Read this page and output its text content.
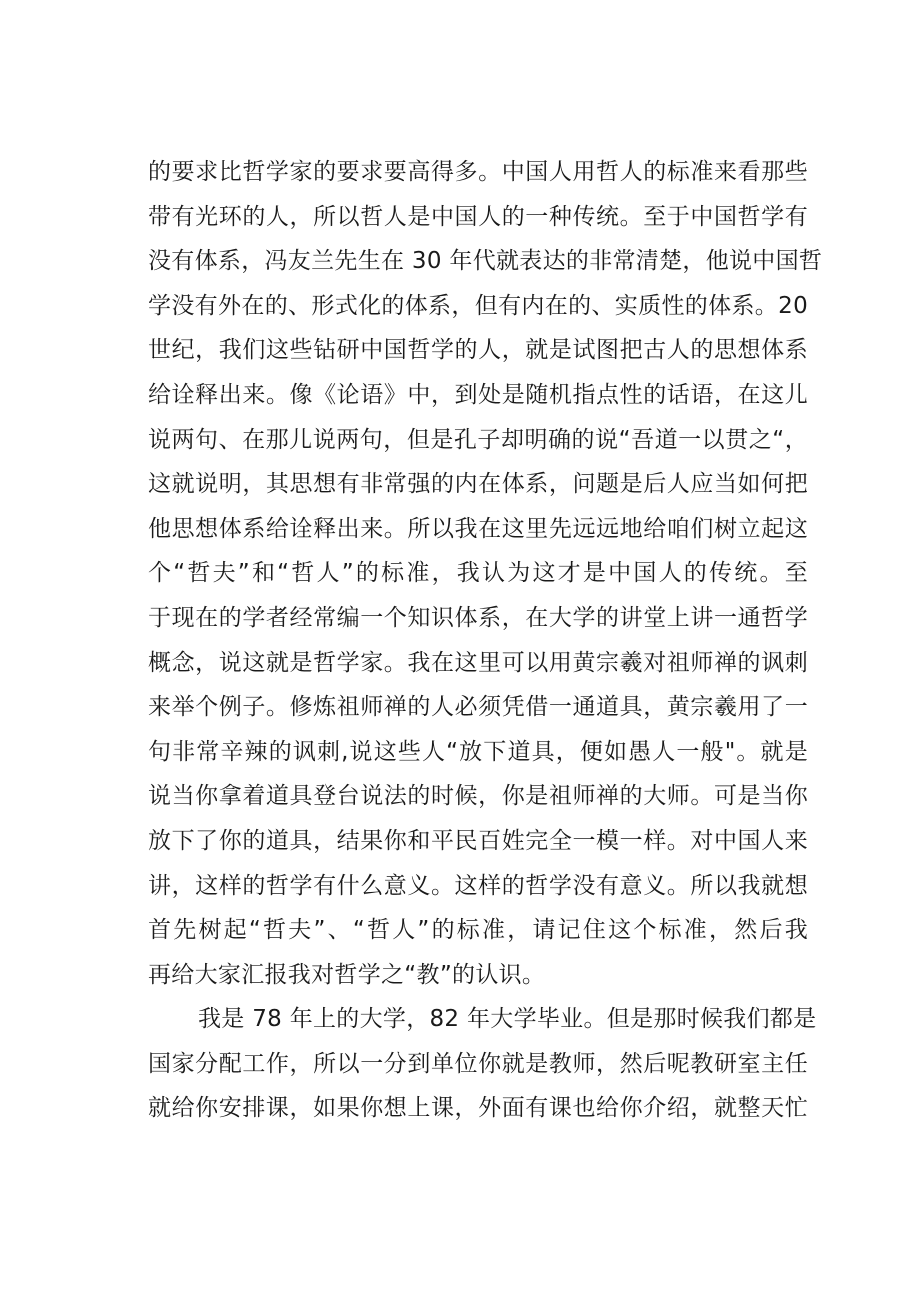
的要求比哲学家的要求要高得多。中国人用哲人的标准来看那些
带有光环的人，所以哲人是中国人的一种传统。至于中国哲学有
没有体系，冯友兰先生在 30 年代就表达的非常清楚，他说中国哲
学没有外在的、形式化的体系，但有内在的、实质性的体系。20
世纪，我们这些钻研中国哲学的人，就是试图把古人的思想体系
给诠释出来。像《论语》中，到处是随机指点性的话语，在这儿
说两句、在那儿说两句，但是孔子却明确的说“吾道一以贯之“，
这就说明，其思想有非常强的内在体系，问题是后人应当如何把
他思想体系给诠释出来。所以我在这里先远远地给咱们树立起这
个“哲夫”和“哲人”的标准，我认为这才是中国人的传统。至
于现在的学者经常编一个知识体系，在大学的讲堂上讲一通哲学
概念，说这就是哲学家。我在这里可以用黄宗羲对祖师禅的讽刺
来举个例子。修炼祖师禅的人必须凭借一通道具，黄宗羲用了一
句非常辛辣的讽刺,说这些人“放下道具，便如愚人一般"。就是
说当你拿着道具登台说法的时候，你是祖师禅的大师。可是当你
放下了你的道具，结果你和平民百姓完全一模一样。对中国人来
讲，这样的哲学有什么意义。这样的哲学没有意义。所以我就想
首先树起“哲夫”、“哲人”的标准，请记住这个标准，然后我
再给大家汇报我对哲学之“教”的认识。
我是 78 年上的大学，82 年大学毕业。但是那时候我们都是
国家分配工作，所以一分到单位你就是教师，然后呢教研室主任
就给你安排课，如果你想上课，外面有课也给你介绍，就整天忙
